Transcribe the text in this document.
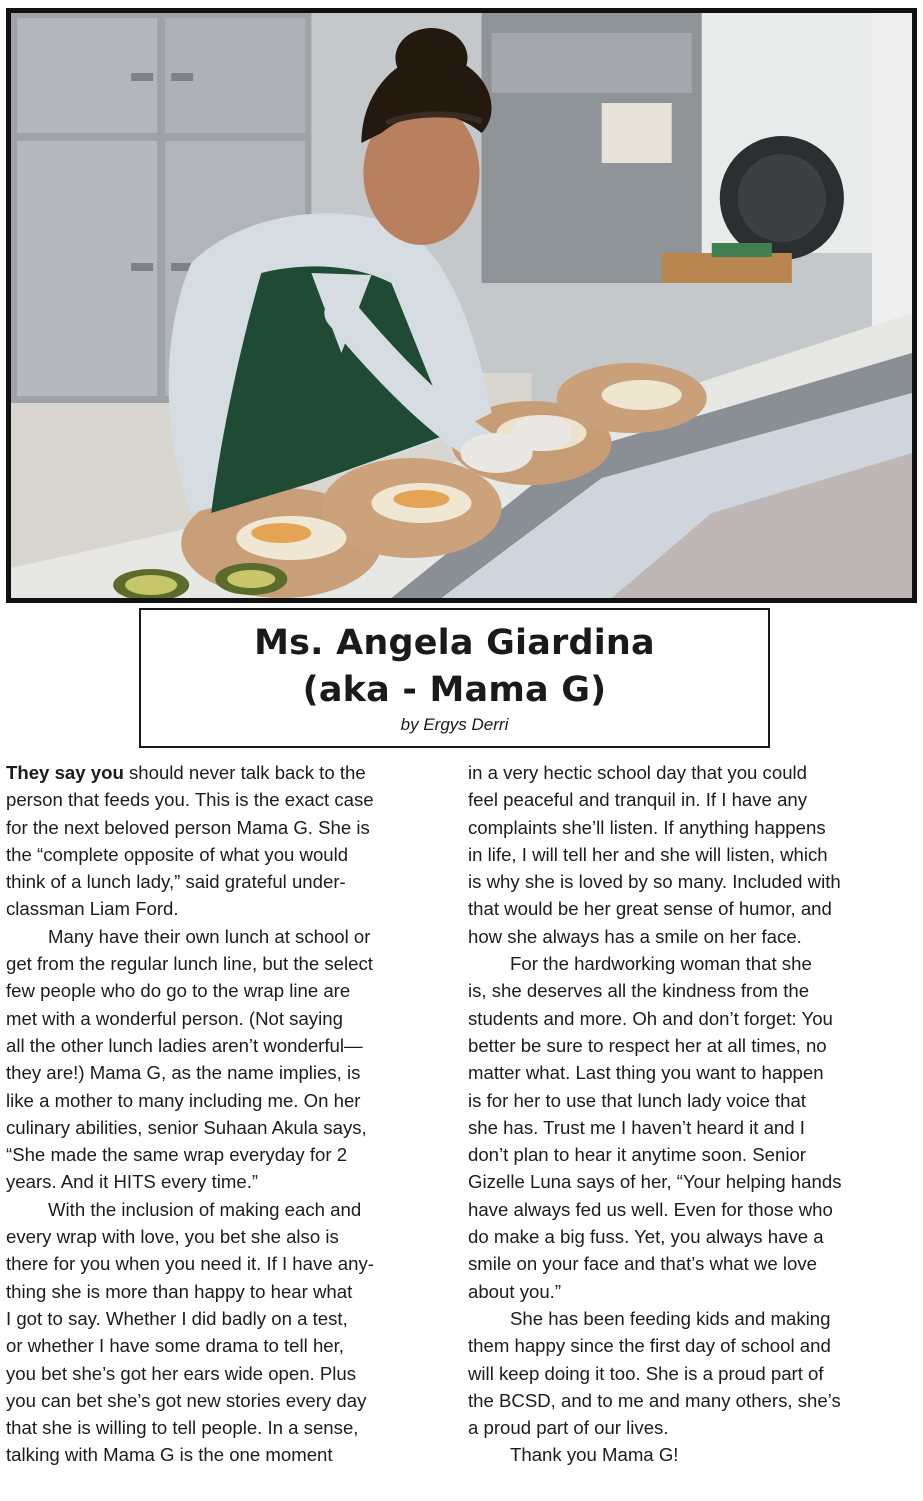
Ms. Angela Giardina
(aka - Mama G)
by Ergys Derri
They say you should never talk back to the
person that feeds you. This is the exact case
for the next beloved person Mama G. She is
the “complete opposite of what you would
think of a lunch lady,” said grateful under-
classman Liam Ford.
Many have their own lunch at school or
get from the regular lunch line, but the select
few people who do go to the wrap line are
met with a wonderful person. (Not saying
all the other lunch ladies aren’t wonderful—
they are!) Mama G, as the name implies, is
like a mother to many including me. On her
culinary abilities, senior Suhaan Akula says,
“She made the same wrap everyday for 2
years. And it HITS every time.”
With the inclusion of making each and
every wrap with love, you bet she also is
there for you when you need it. If I have any-
thing she is more than happy to hear what
I got to say. Whether I did badly on a test,
or whether I have some drama to tell her,
you bet she’s got her ears wide open. Plus
you can bet she’s got new stories every day
that she is willing to tell people. In a sense,
talking with Mama G is the one moment
in a very hectic school day that you could
feel peaceful and tranquil in. If I have any
complaints she’ll listen. If anything happens
in life, I will tell her and she will listen, which
is why she is loved by so many. Included with
that would be her great sense of humor, and
how she always has a smile on her face.
For the hardworking woman that she
is, she deserves all the kindness from the
students and more. Oh and don’t forget: You
better be sure to respect her at all times, no
matter what. Last thing you want to happen
is for her to use that lunch lady voice that
she has. Trust me I haven’t heard it and I
don’t plan to hear it anytime soon. Senior
Gizelle Luna says of her, “Your helping hands
have always fed us well. Even for those who
do make a big fuss. Yet, you always have a
smile on your face and that’s what we love
about you.”
She has been feeding kids and making
them happy since the first day of school and
will keep doing it too. She is a proud part of
the BCSD, and to me and many others, she’s
a proud part of our lives.
Thank you Mama G!
